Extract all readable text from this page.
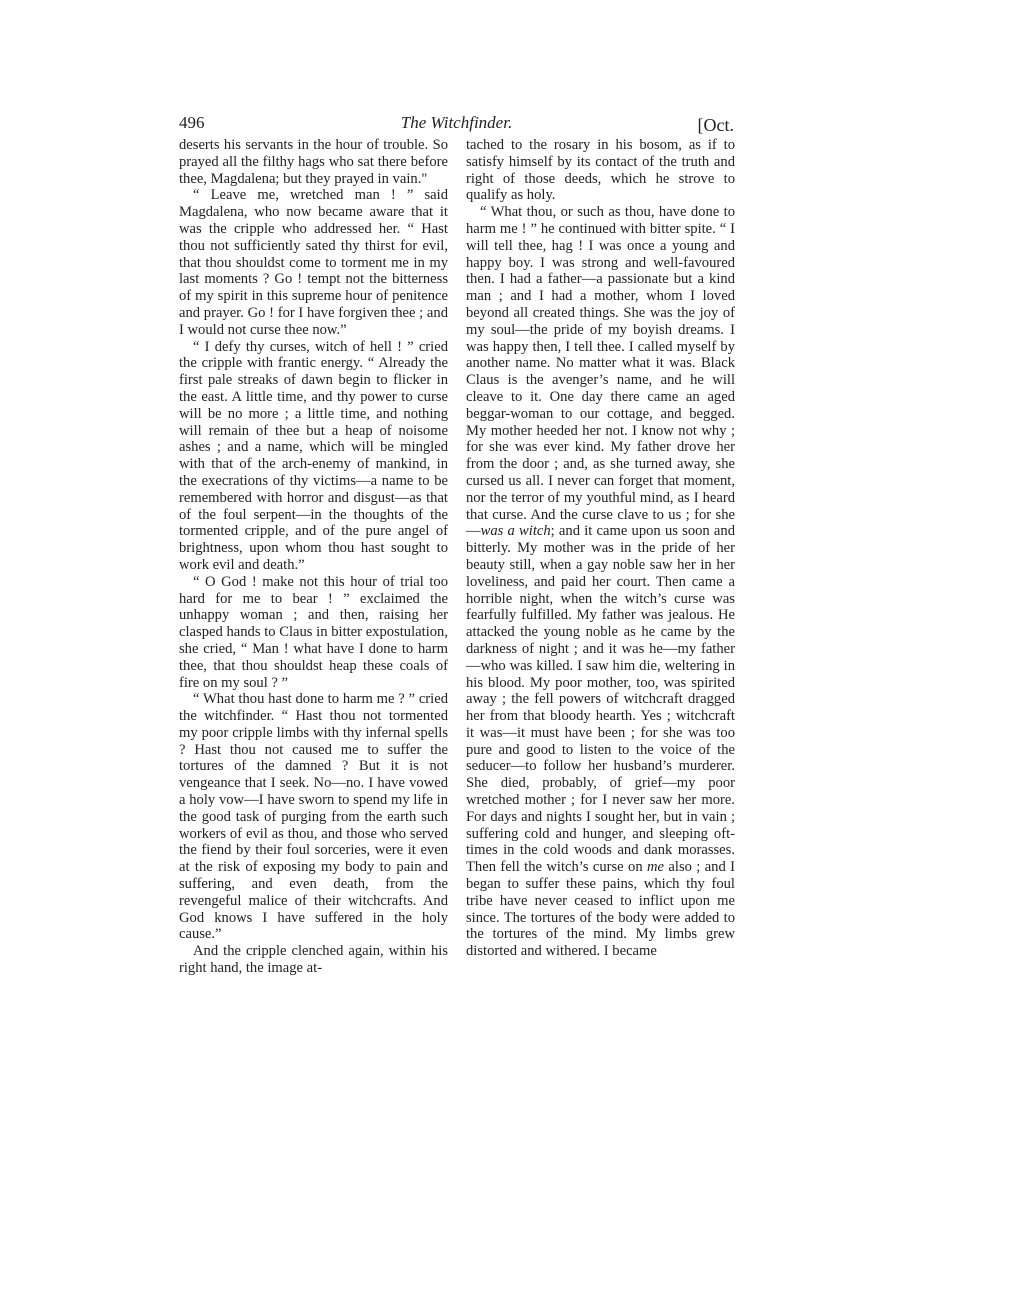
496	The Witchfinder.	[Oct.

deserts his servants in the hour of trouble. So prayed all the filthy hags who sat there before thee, Magdalena; but they prayed in vain."

“ Leave me, wretched man ! ” said Magdalena, who now became aware that it was the cripple who addressed her. “ Hast thou not sufficiently sated thy thirst for evil, that thou shouldst come to torment me in my last moments ? Go ! tempt not the bitterness of my spirit in this supreme hour of penitence and prayer. Go ! for I have forgiven thee ; and I would not curse thee now.”

“ I defy thy curses, witch of hell ! ” cried the cripple with frantic energy. “ Already the first pale streaks of dawn begin to flicker in the east. A little time, and thy power to curse will be no more ; a little time, and nothing will remain of thee but a heap of noisome ashes ; and a name, which will be mingled with that of the arch-enemy of mankind, in the execrations of thy victims—a name to be remembered with horror and disgust—as that of the foul serpent—in the thoughts of the tormented cripple, and of the pure angel of brightness, upon whom thou hast sought to work evil and death.”

“ O God ! make not this hour of trial too hard for me to bear ! ” exclaimed the unhappy woman ; and then, raising her clasped hands to Claus in bitter expostulation, she cried, “ Man ! what have I done to harm thee, that thou shouldst heap these coals of fire on my soul ? ”

“ What thou hast done to harm me ? ” cried the witchfinder. “ Hast thou not tormented my poor cripple limbs with thy infernal spells ? Hast thou not caused me to suffer the tortures of the damned ? But it is not vengeance that I seek. No—no. I have vowed a holy vow—I have sworn to spend my life in the good task of purging from the earth such workers of evil as thou, and those who served the fiend by their foul sorceries, were it even at the risk of exposing my body to pain and suffering, and even death, from the revengeful malice of their witchcrafts. And God knows I have suffered in the holy cause.”

And the cripple clenched again, within his right hand, the image at-

tached to the rosary in his bosom, as if to satisfy himself by its contact of the truth and right of those deeds, which he strove to qualify as holy.

“ What thou, or such as thou, have done to harm me ! ” he continued with bitter spite. “ I will tell thee, hag ! I was once a young and happy boy. I was strong and well-favoured then. I had a father—a passionate but a kind man ; and I had a mother, whom I loved beyond all created things. She was the joy of my soul—the pride of my boyish dreams. I was happy then, I tell thee. I called myself by another name. No matter what it was. Black Claus is the avenger’s name, and he will cleave to it. One day there came an aged beggar-woman to our cottage, and begged. My mother heeded her not. I know not why ; for she was ever kind. My father drove her from the door ; and, as she turned away, she cursed us all. I never can forget that moment, nor the terror of my youthful mind, as I heard that curse. And the curse clave to us ; for she—was a witch; and it came upon us soon and bitterly. My mother was in the pride of her beauty still, when a gay noble saw her in her loveliness, and paid her court. Then came a horrible night, when the witch’s curse was fearfully fulfilled. My father was jealous. He attacked the young noble as he came by the darkness of night ; and it was he—my father—who was killed. I saw him die, weltering in his blood. My poor mother, too, was spirited away ; the fell powers of witchcraft dragged her from that bloody hearth. Yes ; witchcraft it was—it must have been ; for she was too pure and good to listen to the voice of the seducer—to follow her husband’s murderer. She died, probably, of grief—my poor wretched mother ; for I never saw her more. For days and nights I sought her, but in vain ; suffering cold and hunger, and sleeping oft-times in the cold woods and dank morasses. Then fell the witch’s curse on me also ; and I began to suffer these pains, which thy foul tribe have never ceased to inflict upon me since. The tortures of the body were added to the tortures of the mind. My limbs grew distorted and withered. I became
